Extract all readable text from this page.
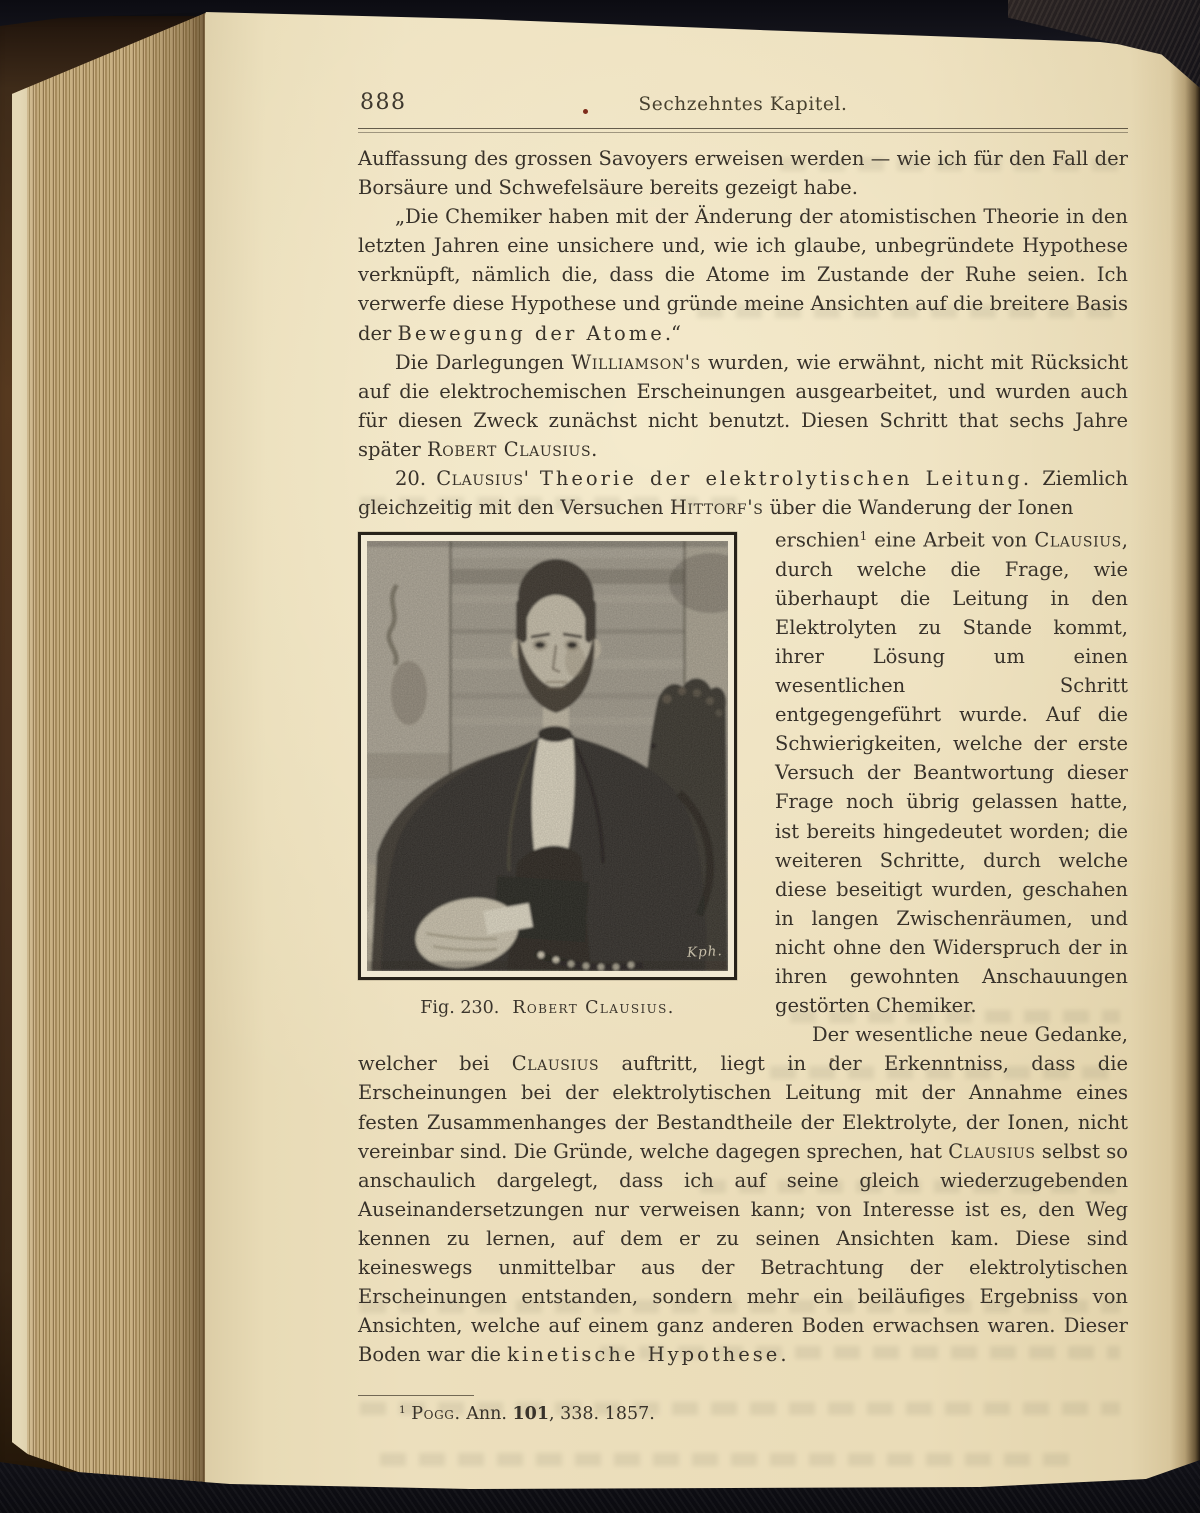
888	Sechzehntes Kapitel.

Auffassung des grossen Savoyers erweisen werden — wie ich für den Fall der Borsäure und Schwefelsäure bereits gezeigt habe.

„Die Chemiker haben mit der Änderung der atomistischen Theorie in den letzten Jahren eine unsichere und, wie ich glaube, unbegründete Hypothese verknüpft, nämlich die, dass die Atome im Zustande der Ruhe seien. Ich verwerfe diese Hypothese und gründe meine Ansichten auf die breitere Basis der Bewegung der Atome.“

Die Darlegungen Williamson's wurden, wie erwähnt, nicht mit Rücksicht auf die elektrochemischen Erscheinungen ausgearbeitet, und wurden auch für diesen Zweck zunächst nicht benutzt. Diesen Schritt that sechs Jahre später Robert Clausius.

20. Clausius' Theorie der elektrolytischen Leitung. Ziemlich gleichzeitig mit den Versuchen Hittorf's über die Wanderung der Ionen

Kph.
Fig. 230. Robert Clausius.

erschien$^1$ eine Arbeit von Clausius, durch welche die Frage, wie überhaupt die Leitung in den Elektrolyten zu Stande kommt, ihrer Lösung um einen wesentlichen Schritt entgegengeführt wurde. Auf die Schwierigkeiten, welche der erste Versuch der Beantwortung dieser Frage noch übrig gelassen hatte, ist bereits hingedeutet worden; die weiteren Schritte, durch welche diese beseitigt wurden, geschahen in langen Zwischenräumen, und nicht ohne den Widerspruch der in ihren gewohnten Anschauungen gestörten Chemiker.

Der wesentliche neue Gedanke, welcher bei Clausius auftritt, liegt in der Erkenntniss, dass die Erscheinungen bei der elektrolytischen Leitung mit der Annahme eines festen Zusammenhanges der Bestandtheile der Elektrolyte, der Ionen, nicht vereinbar sind. Die Gründe, welche dagegen sprechen, hat Clausius selbst so anschaulich dargelegt, dass ich auf seine gleich wiederzugebenden Auseinandersetzungen nur verweisen kann; von Interesse ist es, den Weg kennen zu lernen, auf dem er zu seinen Ansichten kam. Diese sind keineswegs unmittelbar aus der Betrachtung der elektrolytischen Erscheinungen entstanden, sondern mehr ein beiläufiges Ergebniss von Ansichten, welche auf einem ganz anderen Boden erwachsen waren. Dieser Boden war die kinetische Hypothese.

$^1$ Pogg. Ann. 101, 338. 1857.
